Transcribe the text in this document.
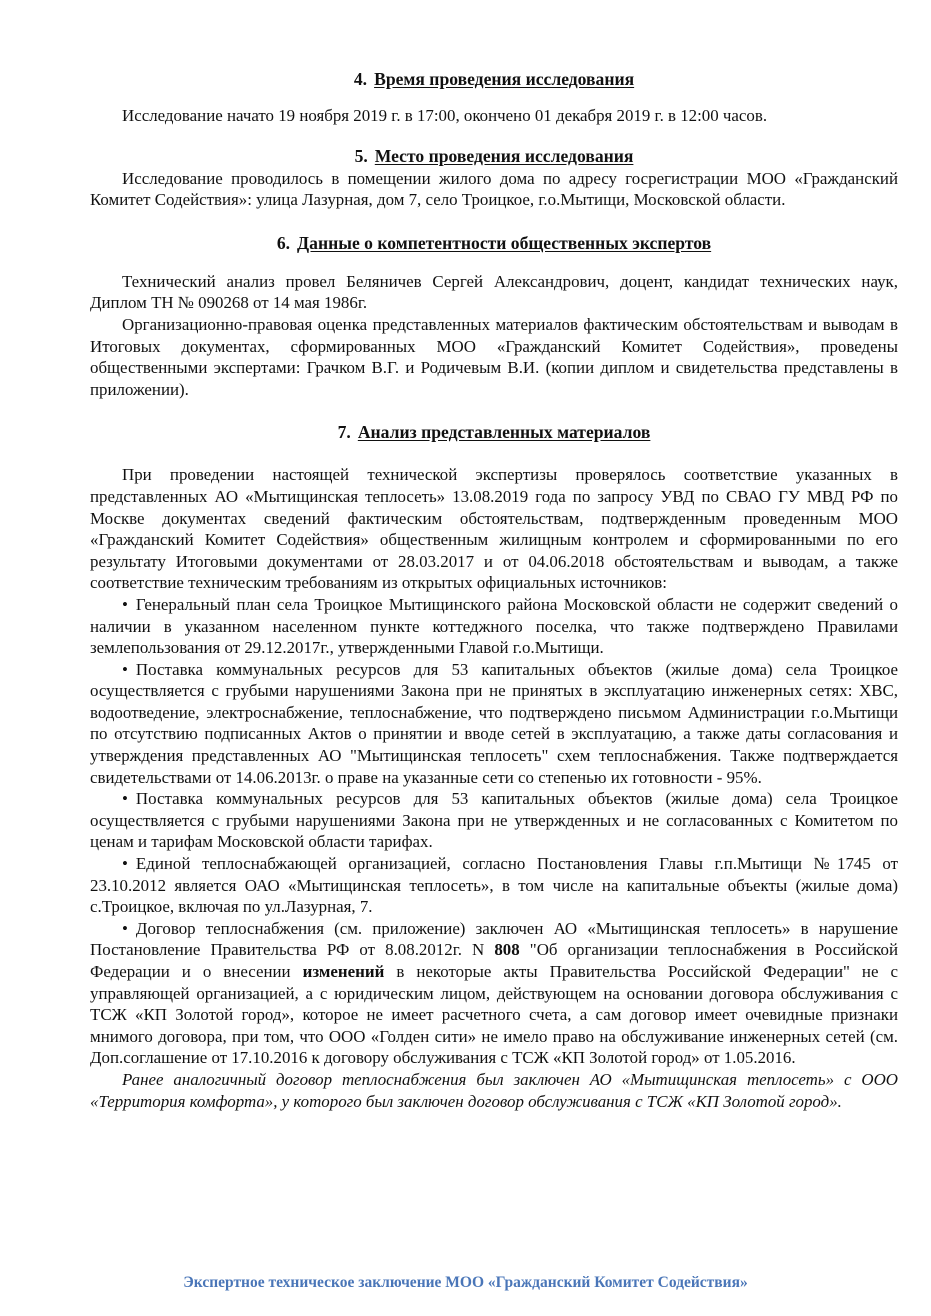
4. Время проведения исследования

Исследование начато 19 ноября 2019 г. в 17:00, окончено 01 декабря 2019 г. в 12:00 часов.

5. Место проведения исследования

Исследование проводилось в помещении жилого дома по адресу госрегистрации МОО «Гражданский Комитет Содействия»: улица Лазурная, дом 7, село Троицкое, г.о.Мытищи, Московской области.

6. Данные о компетентности общественных экспертов

Технический анализ провел Беляничев Сергей Александрович, доцент, кандидат технических наук, Диплом ТН № 090268 от 14 мая 1986г.

Организационно-правовая оценка представленных материалов фактическим обстоятельствам и выводам в Итоговых документах, сформированных МОО «Гражданский Комитет Содействия», проведены общественными экспертами: Грачком В.Г. и Родичевым В.И. (копии диплом и свидетельства представлены в приложении).

7. Анализ представленных материалов

При проведении настоящей технической экспертизы проверялось соответствие указанных в представленных АО «Мытищинская теплосеть» 13.08.2019 года по запросу УВД по СВАО ГУ МВД РФ по Москве документах сведений фактическим обстоятельствам, подтвержденным проведенным МОО «Гражданский Комитет Содействия» общественным жилищным контролем и сформированными по его результату Итоговыми документами от 28.03.2017 и от 04.06.2018 обстоятельствам и выводам, а также соответствие техническим требованиям из открытых официальных источников:

• Генеральный план села Троицкое Мытищинского района Московской области не содержит сведений о наличии в указанном населенном пункте коттеджного поселка, что также подтверждено Правилами землепользования от 29.12.2017г., утвержденными Главой г.о.Мытищи.

• Поставка коммунальных ресурсов для 53 капитальных объектов (жилые дома) села Троицкое осуществляется с грубыми нарушениями Закона при не принятых в эксплуатацию инженерных сетях: ХВС, водоотведение, электроснабжение, теплоснабжение, что подтверждено письмом Администрации г.о.Мытищи по отсутствию подписанных Актов о принятии и вводе сетей в эксплуатацию, а также даты согласования и утверждения представленных АО "Мытищинская теплосеть" схем теплоснабжения. Также подтверждается свидетельствами от 14.06.2013г. о праве на указанные сети со степенью их готовности - 95%.

• Поставка коммунальных ресурсов для 53 капитальных объектов (жилые дома) села Троицкое осуществляется с грубыми нарушениями Закона при не утвержденных и не согласованных с Комитетом по ценам и тарифам Московской области тарифах.

• Единой теплоснабжающей организацией, согласно Постановления Главы г.п.Мытищи №1745 от 23.10.2012 является ОАО «Мытищинская теплосеть», в том числе на капитальные объекты (жилые дома) с.Троицкое, включая по ул.Лазурная, 7.

• Договор теплоснабжения (см. приложение) заключен АО «Мытищинская теплосеть» в нарушение Постановление Правительства РФ от 8.08.2012г. N 808 "Об организации теплоснабжения в Российской Федерации и о внесении изменений в некоторые акты Правительства Российской Федерации" не с управляющей организацией, а с юридическим лицом, действующем на основании договора обслуживания с ТСЖ «КП Золотой город», которое не имеет расчетного счета, а сам договор имеет очевидные признаки мнимого договора, при том, что ООО «Голден сити» не имело право на обслуживание инженерных сетей (см. Доп.соглашение от 17.10.2016 к договору обслуживания с ТСЖ «КП Золотой город» от 1.05.2016.

Ранее аналогичный договор теплоснабжения был заключен АО «Мытищинская теплосеть» с ООО «Территория комфорта», у которого был заключен договор обслуживания с ТСЖ «КП Золотой город».

Экспертное техническое заключение МОО «Гражданский Комитет Содействия»
